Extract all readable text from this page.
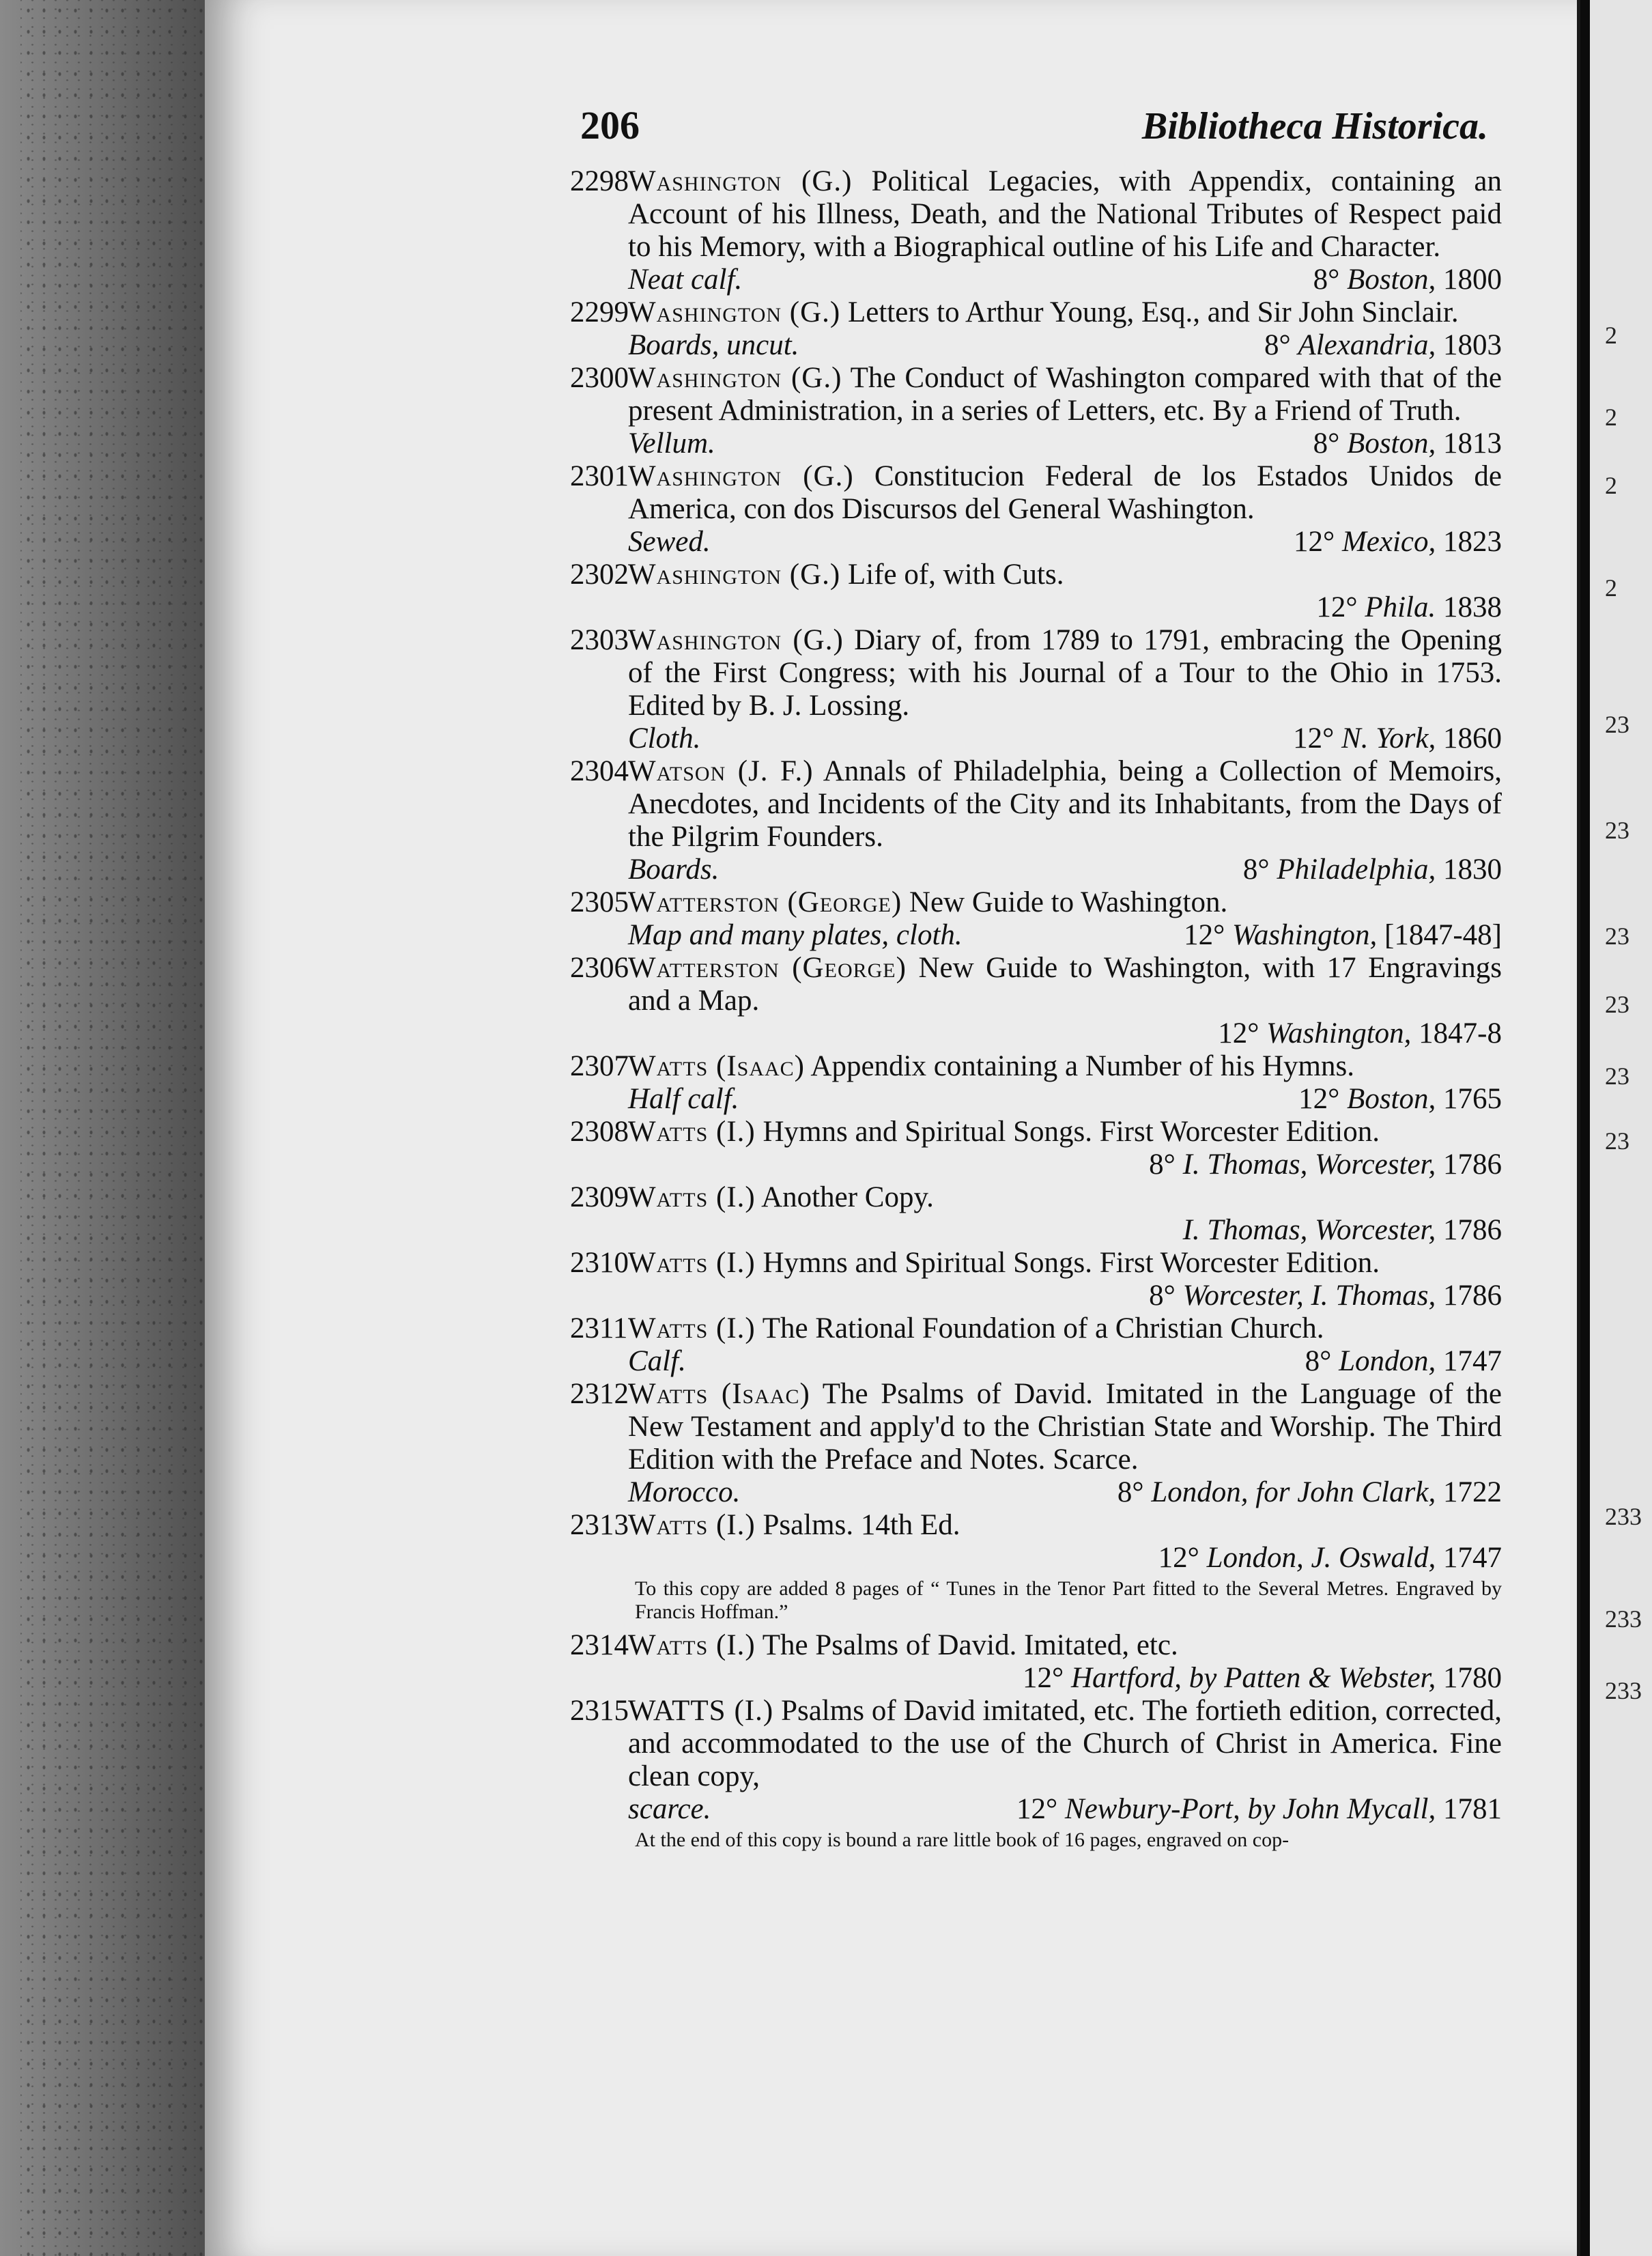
2
2
2
2
23
23
23
23
23
23
233
233
233
206	Bibliotheca Historica.
2298 Washington (G.) Political Legacies, with Appendix, containing an Account of his Illness, Death, and the National Tributes of Respect paid to his Memory, with a Biographical outline of his Life and Character.
Neat calf.	8° Boston, 1800
2299 Washington (G.) Letters to Arthur Young, Esq., and Sir John Sinclair.
Boards, uncut.	8° Alexandria, 1803
2300 Washington (G.) The Conduct of Washington compared with that of the present Administration, in a series of Letters, etc. By a Friend of Truth.
Vellum.	8° Boston, 1813
2301 Washington (G.) Constitucion Federal de los Estados Unidos de America, con dos Discursos del General Washington.
Sewed.	12° Mexico, 1823
2302 Washington (G.) Life of, with Cuts.
12° Phila. 1838
2303 Washington (G.) Diary of, from 1789 to 1791, embracing the Opening of the First Congress; with his Journal of a Tour to the Ohio in 1753. Edited by B. J. Lossing.
Cloth.	12° N. York, 1860
2304 Watson (J. F.) Annals of Philadelphia, being a Collection of Memoirs, Anecdotes, and Incidents of the City and its Inhabitants, from the Days of the Pilgrim Founders.
Boards.	8° Philadelphia, 1830
2305 Watterston (George) New Guide to Washington.
Map and many plates, cloth.	12° Washington, [1847-48]
2306 Watterston (George) New Guide to Washington, with 17 Engravings and a Map.
12° Washington, 1847-8
2307 Watts (Isaac) Appendix containing a Number of his Hymns.
Half calf.	12° Boston, 1765
2308 Watts (I.) Hymns and Spiritual Songs. First Worcester Edition.
8° I. Thomas, Worcester, 1786
2309 Watts (I.) Another Copy.
I. Thomas, Worcester, 1786
2310 Watts (I.) Hymns and Spiritual Songs. First Worcester Edition.
8° Worcester, I. Thomas, 1786
2311 Watts (I.) The Rational Foundation of a Christian Church.
Calf.	8° London, 1747
2312 Watts (Isaac) The Psalms of David. Imitated in the Language of the New Testament and apply'd to the Christian State and Worship. The Third Edition with the Preface and Notes. Scarce.
Morocco.	8° London, for John Clark, 1722
2313 Watts (I.) Psalms. 14th Ed.
12° London, J. Oswald, 1747
To this copy are added 8 pages of “ Tunes in the Tenor Part fitted to the Several Metres. Engraved by Francis Hoffman.”
2314 Watts (I.) The Psalms of David. Imitated, etc.
12° Hartford, by Patten & Webster, 1780
2315 WATTS (I.) Psalms of David imitated, etc. The fortieth edition, corrected, and accommodated to the use of the Church of Christ in America. Fine clean copy,
scarce.	12° Newbury-Port, by John Mycall, 1781
At the end of this copy is bound a rare little book of 16 pages, engraved on cop-
